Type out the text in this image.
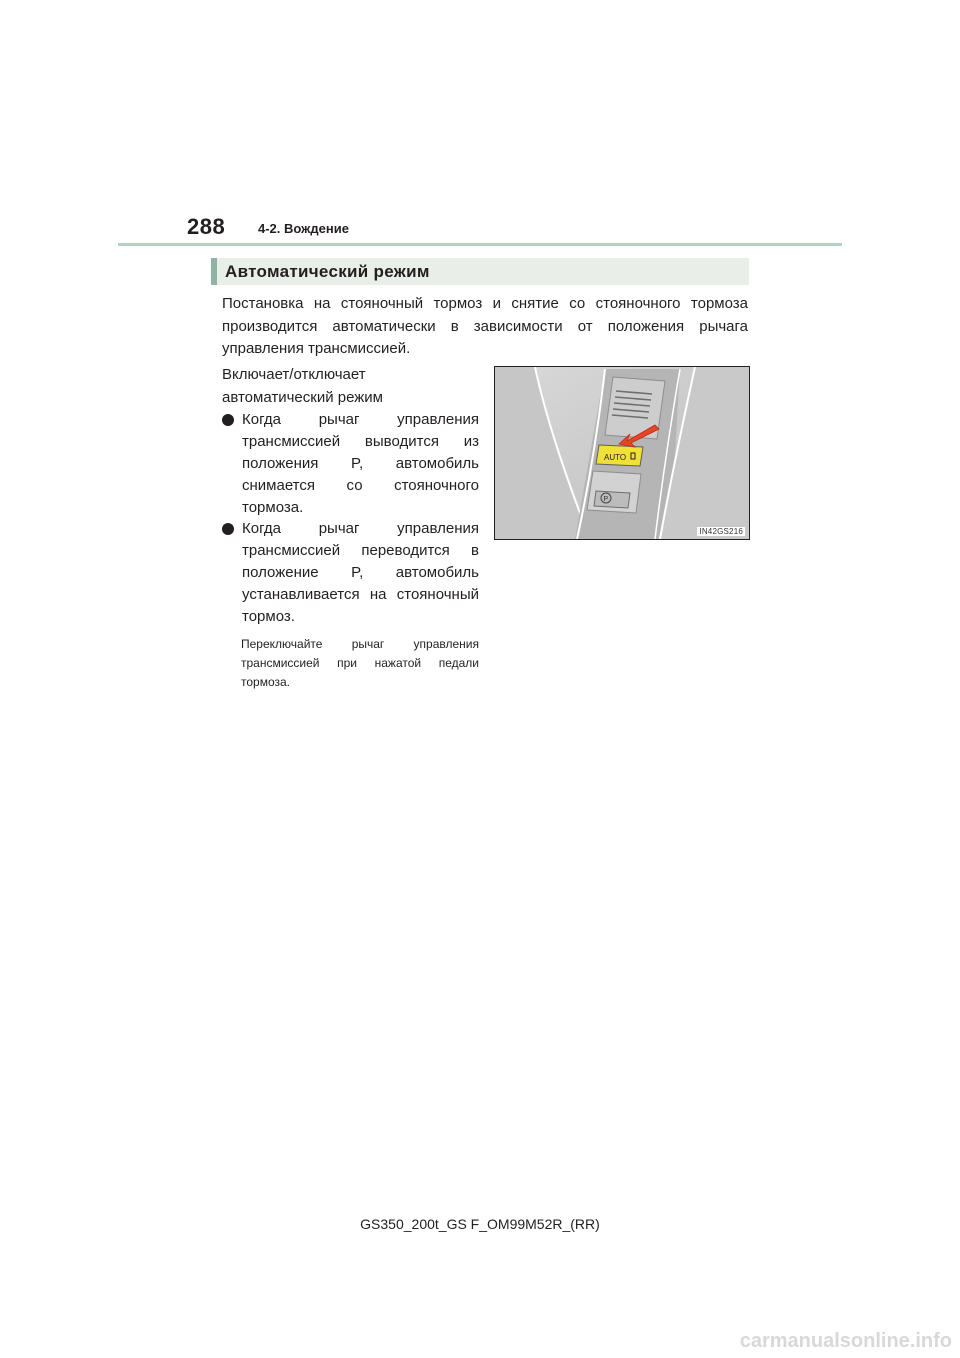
288	4-2. Вождение
Автоматический режим
Постановка на стояночный тормоз и снятие со стояночного тормоза
производится автоматически в зависимости от положения рычага
управления трансмиссией.
Включает/отключает автоматический режим
Когда рычаг управления трансмиссией выводится из положения P, автомобиль снимается со стояночного тормоза.
Когда рычаг управления трансмиссией переводится в положение P, автомобиль устанавливается на стояночный тормоз.
Переключайте рычаг управления трансмиссией при нажатой педали тормоза.
AUTO
P
IN42GS216
GS350_200t_GS F_OM99M52R_(RR)
carmanualsonline.info
